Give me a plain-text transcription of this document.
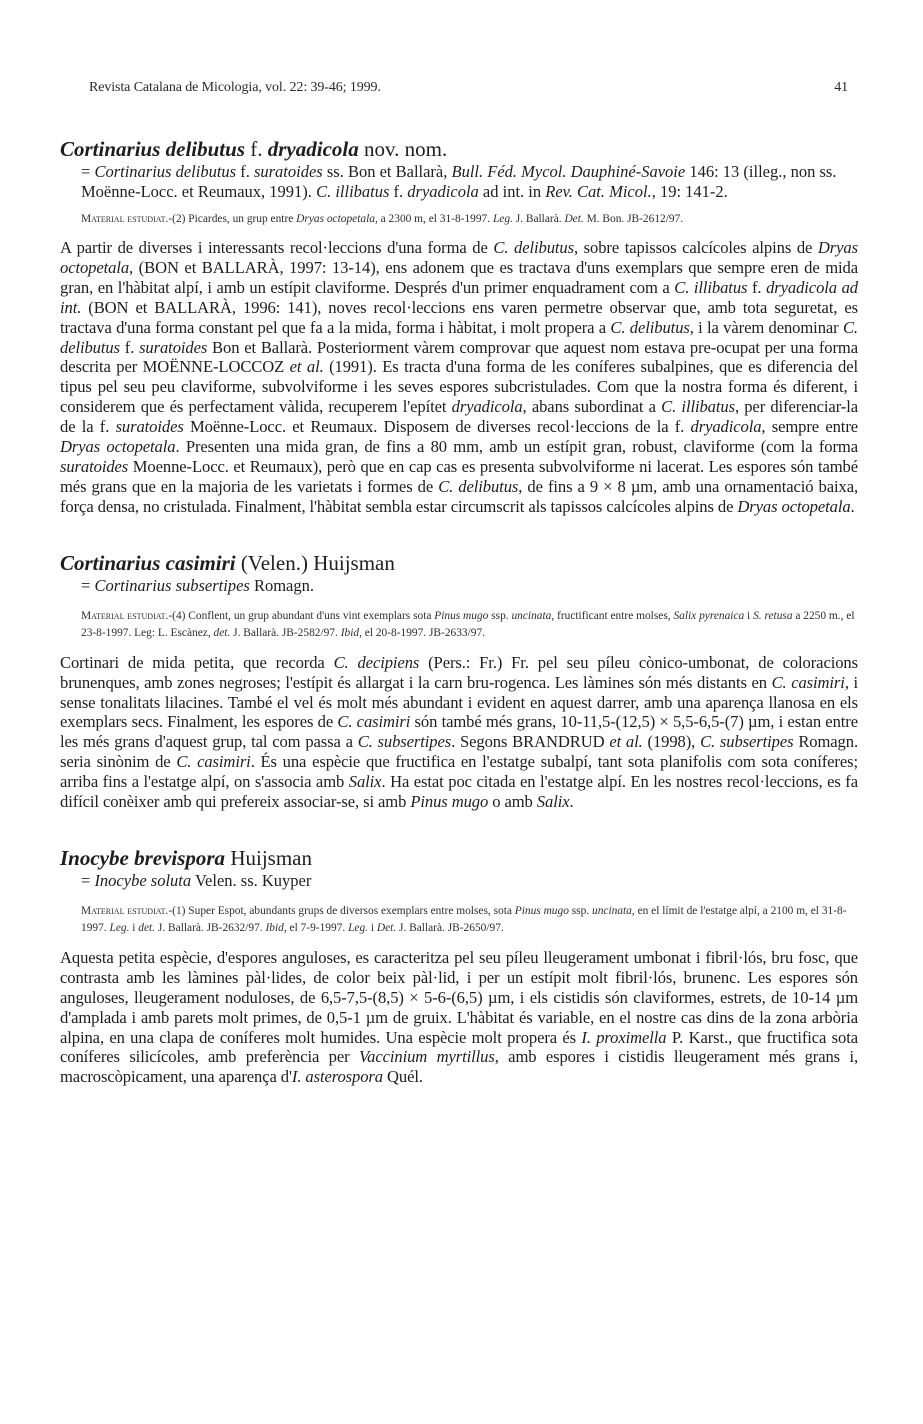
Revista Catalana de Micologia, vol. 22: 39-46; 1999.	41
Cortinarius delibutus f. dryadicola nov. nom.

= Cortinarius delibutus f. suratoides ss. Bon et Ballarà, Bull. Féd. Mycol. Dauphiné-Savoie 146: 13 (illeg., non ss. Moënne-Locc. et Reumaux, 1991). C. illibatus f. dryadicola ad int. in Rev. Cat. Micol., 19: 141-2.

Material estudiat.-(2) Picardes, un grup entre Dryas octopetala, a 2300 m, el 31-8-1997. Leg. J. Ballarà. Det. M. Bon. JB-2612/97.

A partir de diverses i interessants recol·leccions d'una forma de C. delibutus, sobre tapissos calcícoles alpins de Dryas octopetala, (BON et BALLARÀ, 1997: 13-14), ens adonem que es tractava d'uns exemplars que sempre eren de mida gran, en l'hàbitat alpí, i amb un estípit claviforme. Després d'un primer enquadrament com a C. illibatus f. dryadicola ad int. (BON et BALLARÀ, 1996: 141), noves recol·leccions ens varen permetre observar que, amb tota seguretat, es tractava d'una forma constant pel que fa a la mida, forma i hàbitat, i molt propera a C. delibutus, i la vàrem denominar C. delibutus f. suratoides Bon et Ballarà. Posteriorment vàrem comprovar que aquest nom estava pre-ocupat per una forma descrita per MOËNNE-LOCCOZ et al. (1991). Es tracta d'una forma de les coníferes subalpines, que es diferencia del tipus pel seu peu claviforme, subvolviforme i les seves espores subcristulades. Com que la nostra forma és diferent, i considerem que és perfectament vàlida, recuperem l'epítet dryadicola, abans subordinat a C. illibatus, per diferenciar-la de la f. suratoides Moënne-Locc. et Reumaux. Disposem de diverses recol·leccions de la f. dryadicola, sempre entre Dryas octopetala. Presenten una mida gran, de fins a 80 mm, amb un estípit gran, robust, claviforme (com la forma suratoides Moenne-Locc. et Reumaux), però que en cap cas es presenta subvolviforme ni lacerat. Les espores són també més grans que en la majoria de les varietats i formes de C. delibutus, de fins a 9 × 8 µm, amb una ornamentació baixa, força densa, no cristulada. Finalment, l'hàbitat sembla estar circumscrit als tapissos calcícoles alpins de Dryas octopetala.

Cortinarius casimiri (Velen.) Huijsman

= Cortinarius subsertipes Romagn.

Material estudiat.-(4) Conflent, un grup abundant d'uns vint exemplars sota Pinus mugo ssp. uncinata, fructificant entre molses, Salix pyrenaica i S. retusa a 2250 m., el 23-8-1997. Leg: L. Escànez, det. J. Ballarà. JB-2582/97. Ibid, el 20-8-1997. JB-2633/97.

Cortinari de mida petita, que recorda C. decipiens (Pers.: Fr.) Fr. pel seu píleu cònico-umbonat, de coloracions brunenques, amb zones negroses; l'estípit és allargat i la carn bru-rogenca. Les làmines són més distants en C. casimiri, i sense tonalitats lilacines. També el vel és molt més abundant i evident en aquest darrer, amb una aparença llanosa en els exemplars secs. Finalment, les espores de C. casimiri són també més grans, 10-11,5-(12,5) × 5,5-6,5-(7) µm, i estan entre les més grans d'aquest grup, tal com passa a C. subsertipes. Segons BRANDRUD et al. (1998), C. subsertipes Romagn. seria sinònim de C. casimiri. És una espècie que fructifica en l'estatge subalpí, tant sota planifolis com sota coníferes; arriba fins a l'estatge alpí, on s'associa amb Salix. Ha estat poc citada en l'estatge alpí. En les nostres recol·leccions, es fa difícil conèixer amb qui prefereix associar-se, si amb Pinus mugo o amb Salix.

Inocybe brevispora Huijsman

= Inocybe soluta Velen. ss. Kuyper

Material estudiat.-(1) Super Espot, abundants grups de diversos exemplars entre molses, sota Pinus mugo ssp. uncinata, en el límit de l'estatge alpí, a 2100 m, el 31-8-1997. Leg. i det. J. Ballarà. JB-2632/97. Ibid, el 7-9-1997. Leg. i Det. J. Ballarà. JB-2650/97.

Aquesta petita espècie, d'espores anguloses, es caracteritza pel seu píleu lleugerament umbonat i fibril·lós, bru fosc, que contrasta amb les làmines pàl·lides, de color beix pàl·lid, i per un estípit molt fibril·lós, brunenc. Les espores són anguloses, lleugerament noduloses, de 6,5-7,5-(8,5) × 5-6-(6,5) µm, i els cistidis són claviformes, estrets, de 10-14 µm d'amplada i amb parets molt primes, de 0,5-1 µm de gruix. L'hàbitat és variable, en el nostre cas dins de la zona arbòria alpina, en una clapa de coníferes molt humides. Una espècie molt propera és I. proximella P. Karst., que fructifica sota coníferes silicícoles, amb preferència per Vaccinium myrtillus, amb espores i cistidis lleugerament més grans i, macroscòpicament, una aparença d'I. asterospora Quél.
